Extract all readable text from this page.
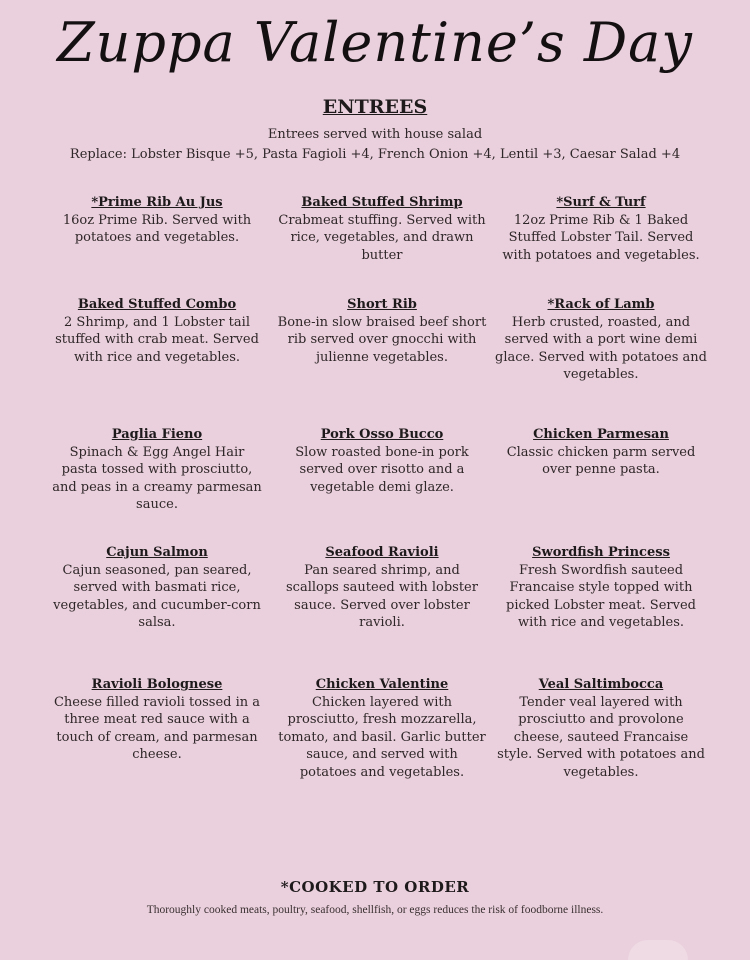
Zuppa Valentine’s Day
ENTREES
Entrees served with house salad
Replace: Lobster Bisque +5, Pasta Fagioli +4, French Onion +4, Lentil +3, Caesar Salad +4
*Prime Rib Au Jus
16oz Prime Rib. Served with potatoes and vegetables.
Baked Stuffed Shrimp
Crabmeat stuffing. Served with rice, vegetables, and drawn butter
*Surf & Turf
12oz Prime Rib & 1 Baked Stuffed Lobster Tail. Served with potatoes and vegetables.
Baked Stuffed Combo
2 Shrimp, and 1 Lobster tail stuffed with crab meat. Served with rice and vegetables.
Short Rib
Bone-in slow braised beef short rib served over gnocchi with julienne vegetables.
*Rack of Lamb
Herb crusted, roasted, and served with a port wine demi glace. Served with potatoes and vegetables.
Paglia Fieno
Spinach & Egg Angel Hair pasta tossed with prosciutto, and peas in a creamy parmesan sauce.
Pork Osso Bucco
Slow roasted bone-in pork served over risotto and a vegetable demi glaze.
Chicken Parmesan
Classic chicken parm served over penne pasta.
Cajun Salmon
Cajun seasoned, pan seared, served with basmati rice, vegetables, and cucumber-corn salsa.
Seafood Ravioli
Pan seared shrimp, and scallops sauteed with lobster sauce. Served over lobster ravioli.
Swordfish Princess
Fresh Swordfish sauteed Francaise style topped with picked Lobster meat. Served with rice and vegetables.
Ravioli Bolognese
Cheese filled ravioli tossed in a three meat red sauce with a touch of cream, and parmesan cheese.
Chicken Valentine
Chicken layered with prosciutto, fresh mozzarella, tomato, and basil. Garlic butter sauce, and served with potatoes and vegetables.
Veal Saltimbocca
Tender veal layered with prosciutto and provolone cheese, sauteed Francaise style. Served with potatoes and vegetables.
*COOKED TO ORDER
Thoroughly cooked meats, poultry, seafood, shellfish, or eggs reduces the risk of foodborne illness.
